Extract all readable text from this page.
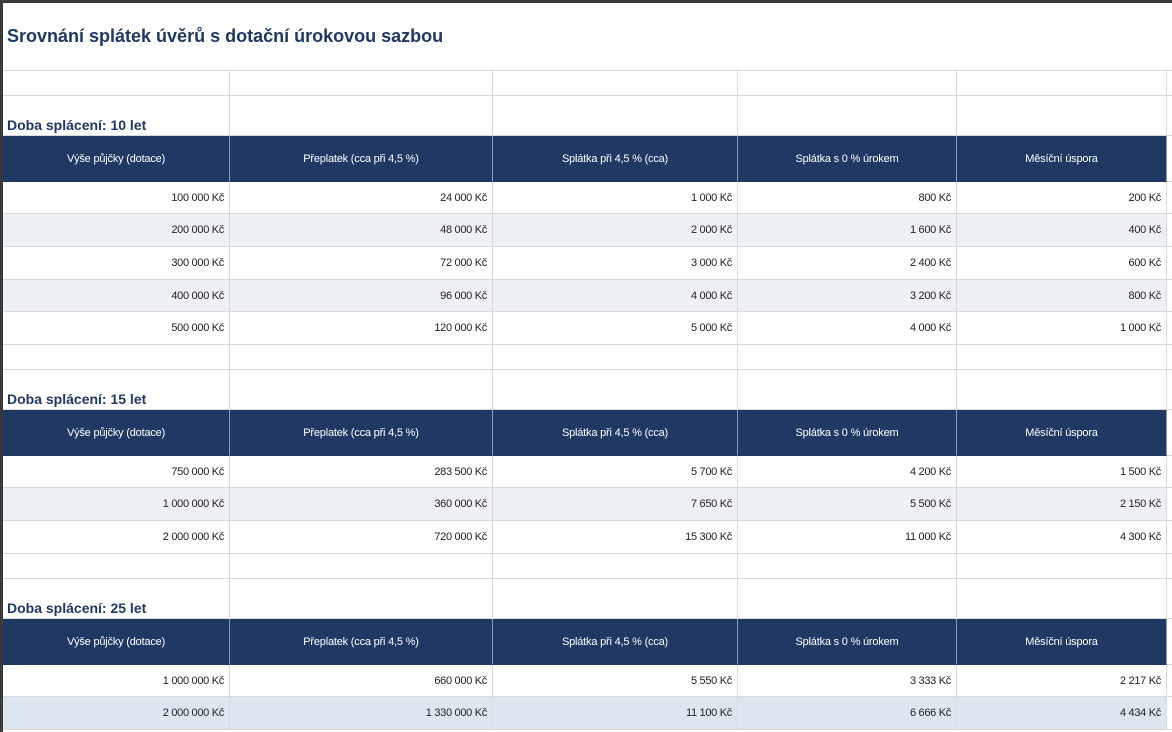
Srovnání splátek úvěrů s dotační úrokovou sazbou
Doba splácení: 10 let
Výše půjčky (dotace)	Přeplatek (cca při 4,5 %)	Splátka při 4,5 % (cca)	Splátka s 0 % úrokem	Měsíční úspora
100 000 Kč	24 000 Kč	1 000 Kč	800 Kč	200 Kč
200 000 Kč	48 000 Kč	2 000 Kč	1 600 Kč	400 Kč
300 000 Kč	72 000 Kč	3 000 Kč	2 400 Kč	600 Kč
400 000 Kč	96 000 Kč	4 000 Kč	3 200 Kč	800 Kč
500 000 Kč	120 000 Kč	5 000 Kč	4 000 Kč	1 000 Kč
Doba splácení: 15 let
Výše půjčky (dotace)	Přeplatek (cca při 4,5 %)	Splátka při 4,5 % (cca)	Splátka s 0 % úrokem	Měsíční úspora
750 000 Kč	283 500 Kč	5 700 Kč	4 200 Kč	1 500 Kč
1 000 000 Kč	360 000 Kč	7 650 Kč	5 500 Kč	2 150 Kč
2 000 000 Kč	720 000 Kč	15 300 Kč	11 000 Kč	4 300 Kč
Doba splácení: 25 let
Výše půjčky (dotace)	Přeplatek (cca při 4,5 %)	Splátka při 4,5 % (cca)	Splátka s 0 % úrokem	Měsíční úspora
1 000 000 Kč	660 000 Kč	5 550 Kč	3 333 Kč	2 217 Kč
2 000 000 Kč	1 330 000 Kč	11 100 Kč	6 666 Kč	4 434 Kč
